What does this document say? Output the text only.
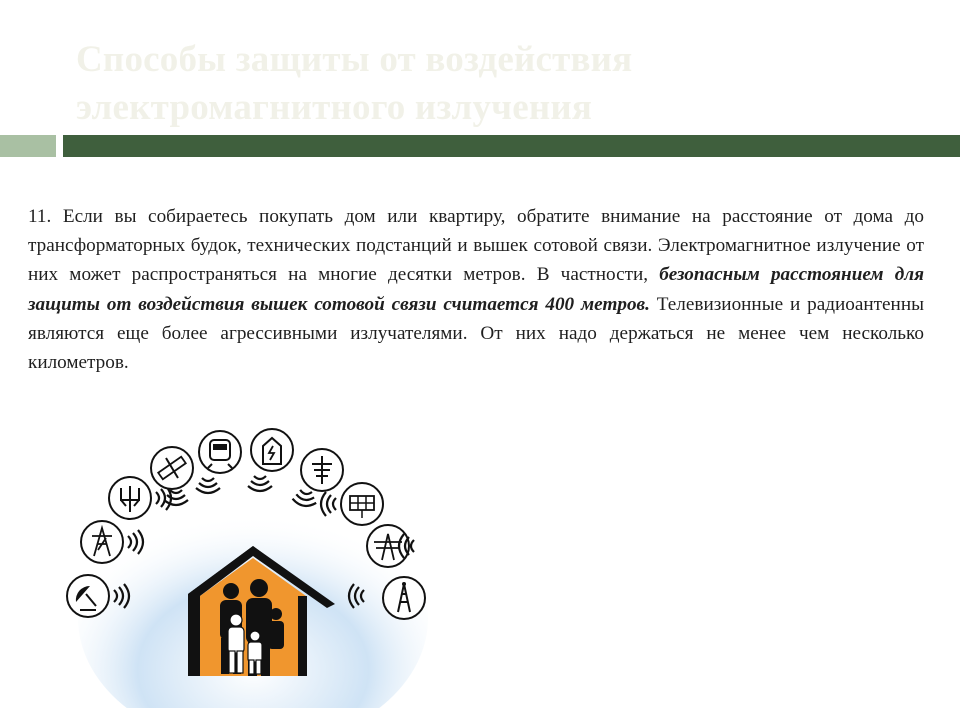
Способы защиты от воздействия электромагнитного излучения

11. Если вы собираетесь покупать дом или квартиру, обратите внимание на расстояние от дома до трансформаторных будок, технических подстанций и вышек сотовой связи. Электромагнитное излучение от них может распространяться на многие десятки метров. В частности, безопасным расстоянием для защиты от воздействия вышек сотовой связи считается 400 метров. Телевизионные и радиоантенны являются еще более агрессивными излучателями. От них надо держаться не менее чем несколько километров.
